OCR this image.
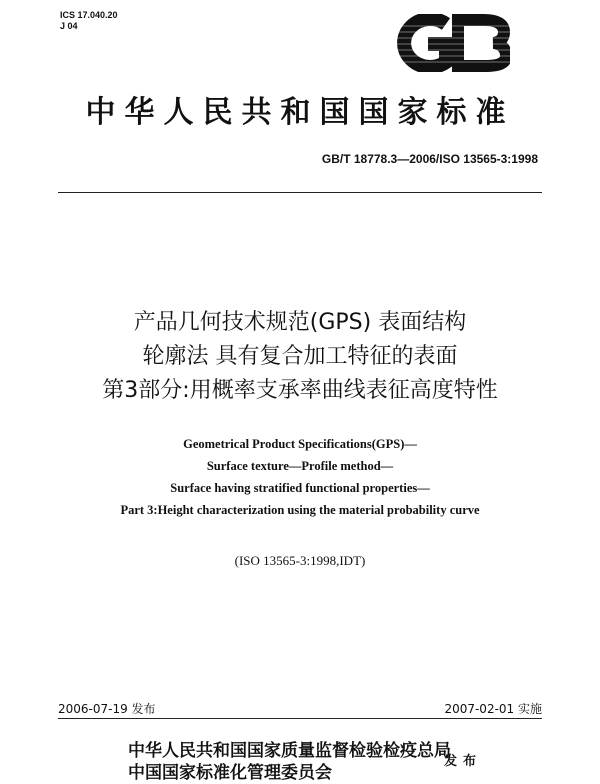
ICS 17.040.20
J 04
中华人民共和国国家标准
GB/T 18778.3—2006/ISO 13565-3:1998
产品几何技术规范(GPS) 表面结构
轮廓法 具有复合加工特征的表面
第3部分:用概率支承率曲线表征高度特性
Geometrical Product Specifications(GPS)—
Surface texture—Profile method—
Surface having stratified functional properties—
Part 3:Height characterization using the material probability curve
(ISO 13565-3:1998,IDT)
2006-07-19 发布	2007-02-01 实施
中华人民共和国国家质量监督检验检疫总局
中国国家标准化管理委员会
发布
